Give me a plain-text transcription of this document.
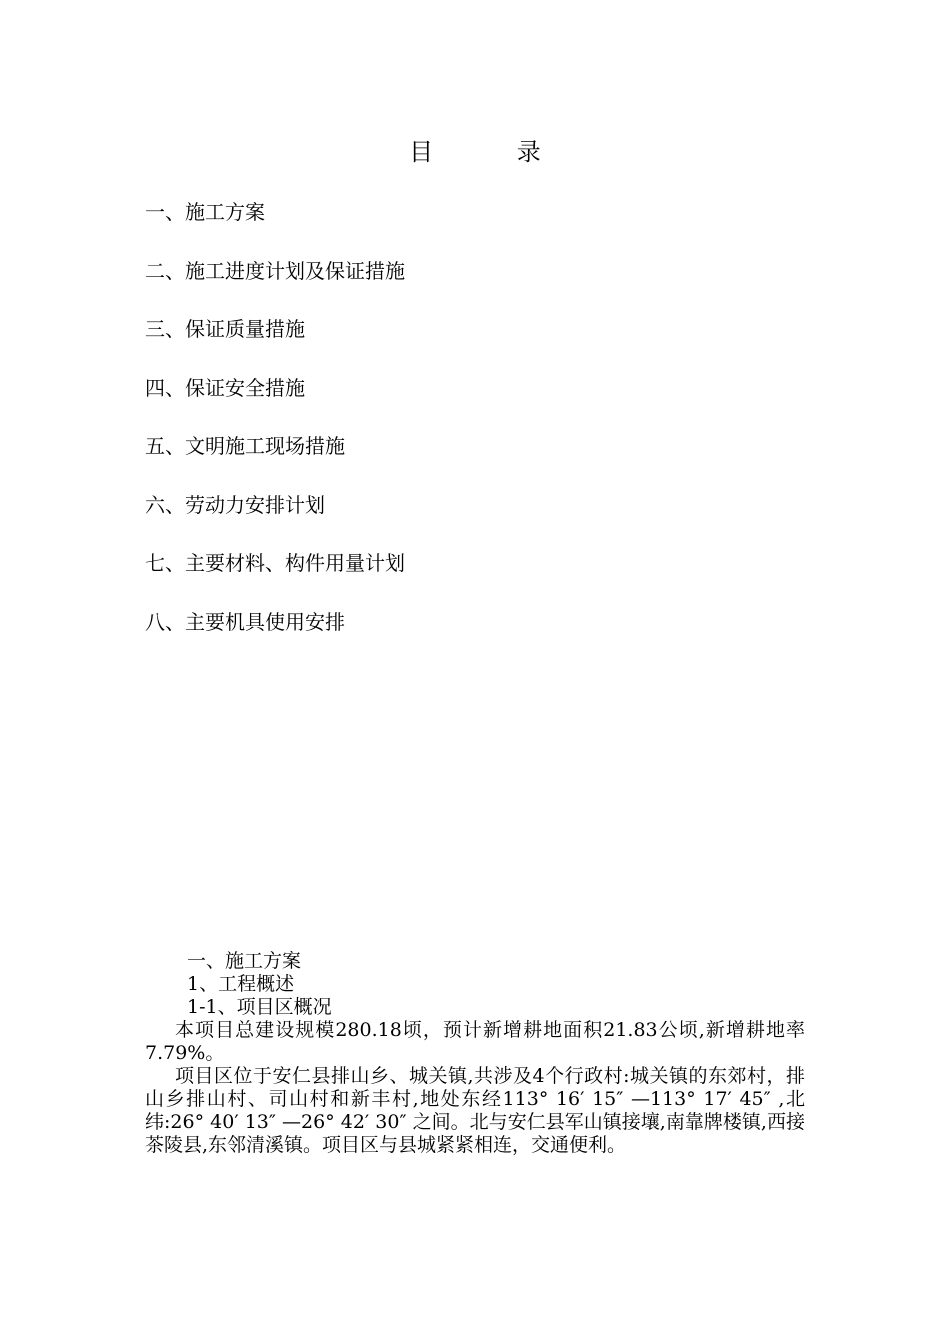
目 录
一、施工方案
二、施工进度计划及保证措施
三、保证质量措施
四、保证安全措施
五、文明施工现场措施
六、劳动力安排计划
七、主要材料、构件用量计划
八、主要机具使用安排

一、施工方案

1、工程概述

1-1、项目区概况

本项目总建设规模280.18顷，预计新增耕地面积21.83公顷,新增耕地率7.79%。

项目区位于安仁县排山乡、城关镇,共涉及4个行政村:城关镇的东郊村，排山乡排山村、司山村和新丰村,地处东经113° 16′ 15″ —113° 17′ 45″ ,北纬:26° 40′ 13″ —26° 42′ 30″ 之间。北与安仁县军山镇接壤,南靠牌楼镇,西接茶陵县,东邻清溪镇。项目区与县城紧紧相连，交通便利。
